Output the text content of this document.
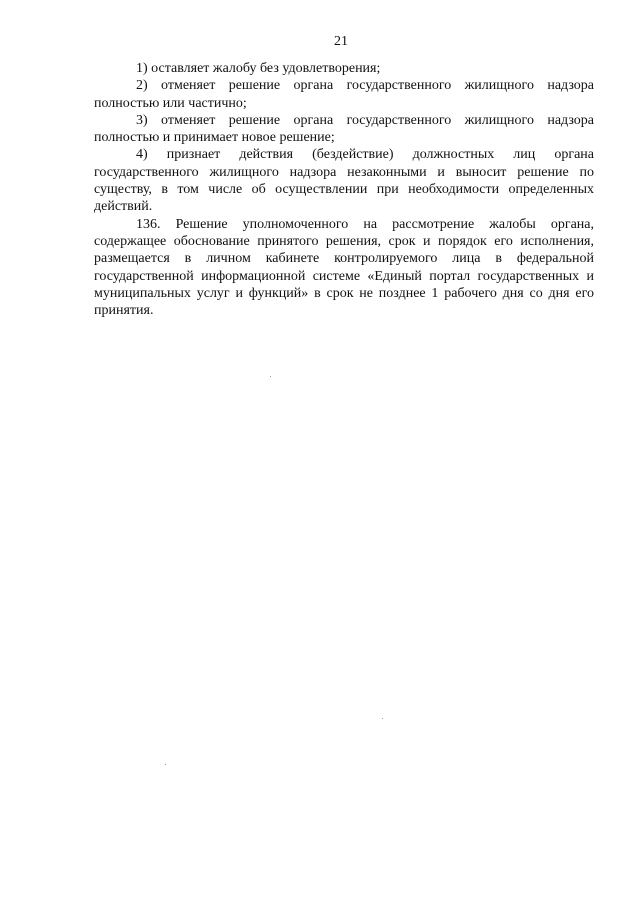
21

1) оставляет жалобу без удовлетворения;

2) отменяет решение органа государственного жилищного надзора полностью или частично;

3) отменяет решение органа государственного жилищного надзора полностью и принимает новое решение;

4) признает действия (бездействие) должностных лиц органа государственного жилищного надзора незаконными и выносит решение по существу, в том числе об осуществлении при необходимости определенных действий.

136. Решение уполномоченного на рассмотрение жалобы органа, содержащее обоснование принятого решения, срок и порядок его исполнения, размещается в личном кабинете контролируемого лица в федеральной государственной информационной системе «Единый портал государственных и муниципальных услуг и функций» в срок не позднее 1 рабочего дня со дня его принятия.
